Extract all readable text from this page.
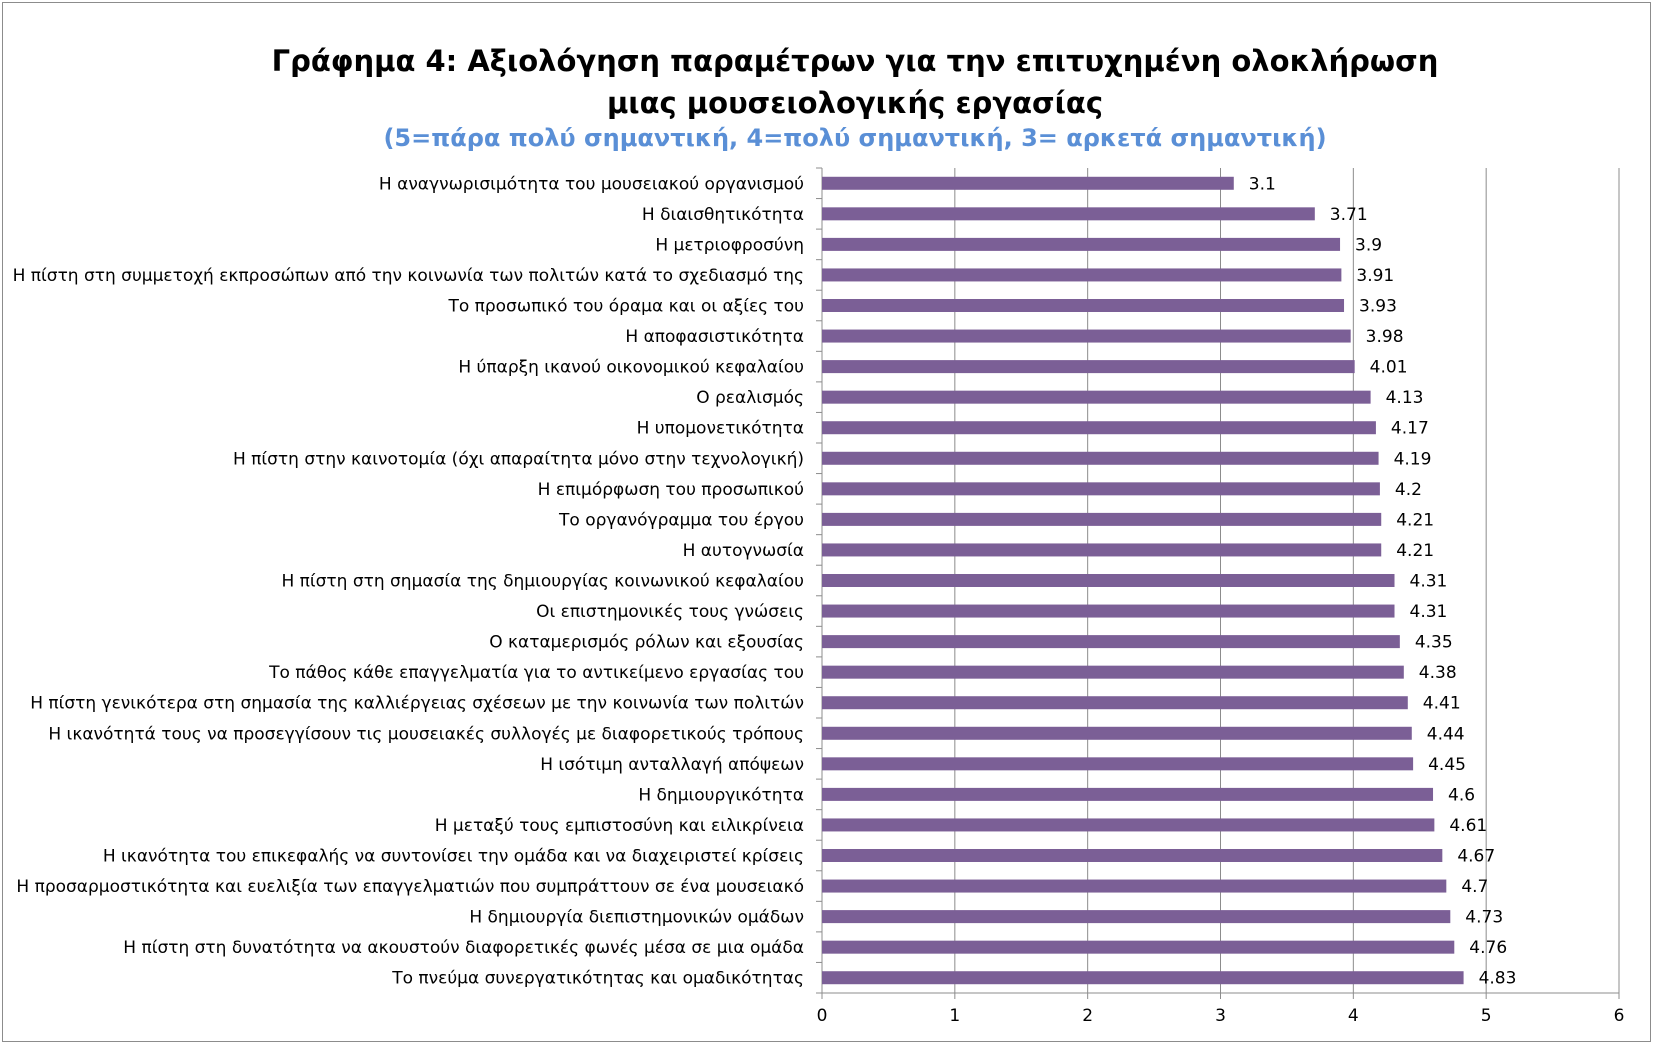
Γράφημα 4: Αξιολόγηση παραμέτρων για την επιτυχημένη ολοκλήρωση
μιας μουσειολογικής εργασίας
(5=πάρα πολύ σημαντική, 4=πολύ σημαντική, 3= αρκετά σημαντική)
0	1	2	3	4	5	6
Η αναγνωρισιμότητα του μουσειακού οργανισμού	3.1
Η διαισθητικότητα	3.71
Η μετριοφροσύνη	3.9
Η πίστη στη συμμετοχή εκπροσώπων από την κοινωνία των πολιτών κατά το σχεδιασμό της	3.91
Το προσωπικό του όραμα και οι αξίες του	3.93
Η αποφασιστικότητα	3.98
Η ύπαρξη ικανού οικονομικού κεφαλαίου	4.01
Ο ρεαλισμός	4.13
Η υπομονετικότητα	4.17
Η πίστη στην καινοτομία (όχι απαραίτητα μόνο στην τεχνολογική)	4.19
Η επιμόρφωση του προσωπικού	4.2
Το οργανόγραμμα του έργου	4.21
Η αυτογνωσία	4.21
Η πίστη στη σημασία της δημιουργίας κοινωνικού κεφαλαίου	4.31
Οι επιστημονικές τους γνώσεις	4.31
Ο καταμερισμός ρόλων και εξουσίας	4.35
Το πάθος κάθε επαγγελματία για το αντικείμενο εργασίας του	4.38
Η πίστη γενικότερα στη σημασία της καλλιέργειας σχέσεων με την κοινωνία των πολιτών	4.41
Η ικανότητά τους να προσεγγίσουν τις μουσειακές συλλογές με διαφορετικούς τρόπους	4.44
Η ισότιμη ανταλλαγή απόψεων	4.45
Η δημιουργικότητα	4.6
Η μεταξύ τους εμπιστοσύνη και ειλικρίνεια	4.61
Η ικανότητα του επικεφαλής να συντονίσει την ομάδα και να διαχειριστεί κρίσεις	4.67
Η προσαρμοστικότητα και ευελιξία των επαγγελματιών που συμπράττουν σε ένα μουσειακό	4.7
Η δημιουργία διεπιστημονικών ομάδων	4.73
Η πίστη στη δυνατότητα να ακουστούν διαφορετικές φωνές μέσα σε μια ομάδα	4.76
Το πνεύμα συνεργατικότητας και ομαδικότητας	4.83
